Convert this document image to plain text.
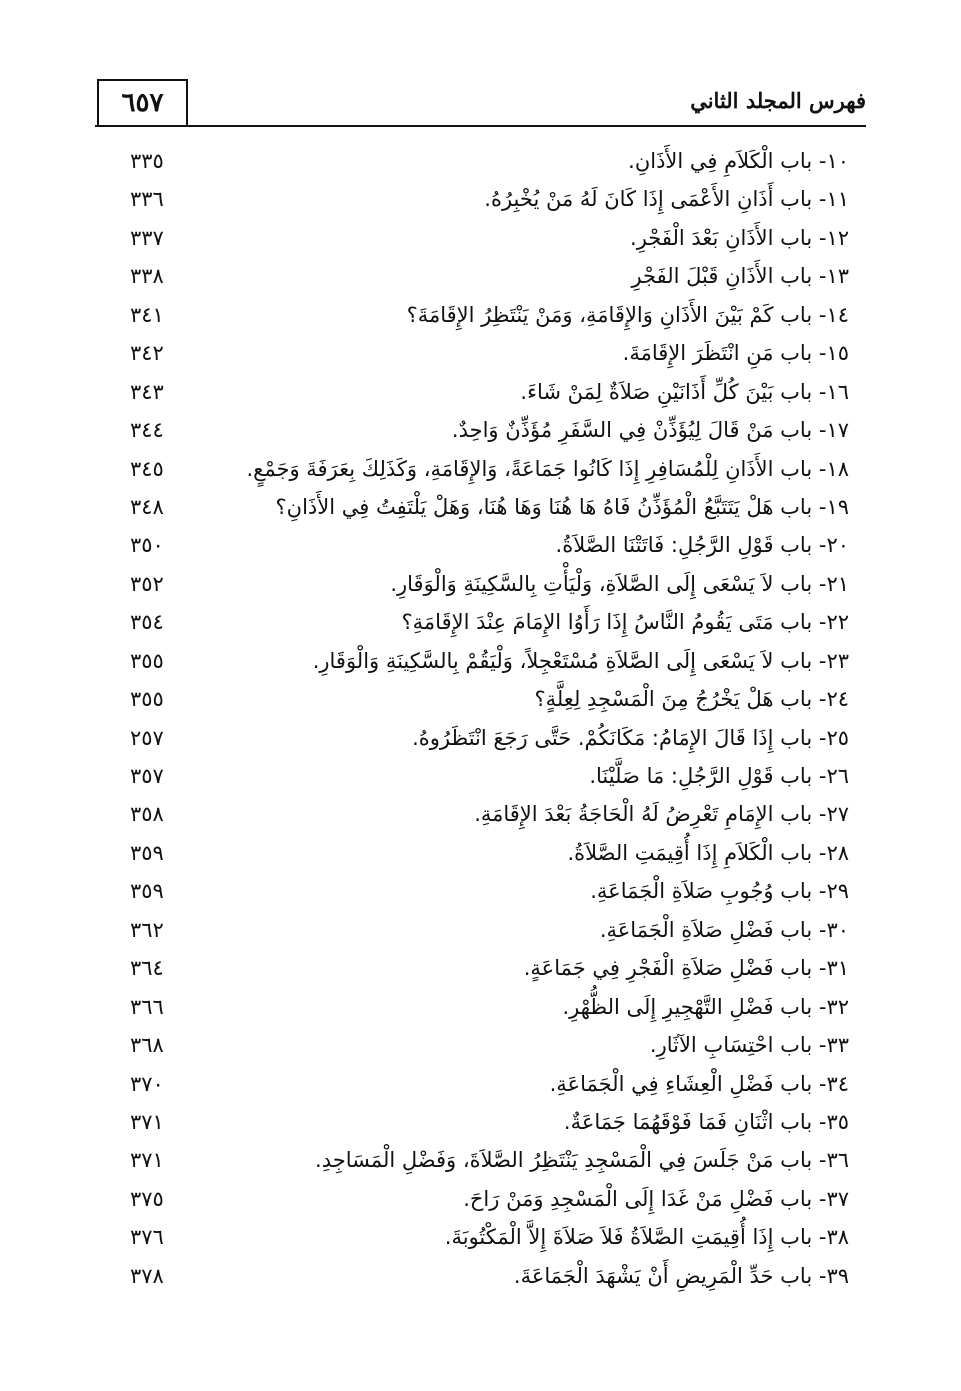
٦٥٧	فهرس المجلد الثاني
١٠- باب الْكَلاَمِ فِي الأَذَانِ.
٣٣٥
١١- باب أَذَانِ الأَعْمَى إِذَا كَانَ لَهُ مَنْ يُخْبِرُهُ.
٣٣٦
١٢- باب الأَذَانِ بَعْدَ الْفَجْرِ.
٣٣٧
١٣- باب الأَذَانِ قَبْلَ الفَجْرِ
٣٣٨
١٤- باب كَمْ بَيْنَ الأَذَانِ وَالإِقَامَةِ، وَمَنْ يَنْتَظِرُ الإِقَامَةَ؟
٣٤١
١٥- باب مَنِ انْتَظَرَ الإِقَامَةَ.
٣٤٢
١٦- باب بَيْنَ كُلِّ أَذَانَيْنِ صَلاَةٌ لِمَنْ شَاءَ.
٣٤٣
١٧- باب مَنْ قَالَ لِيُؤَذِّنْ فِي السَّفَرِ مُؤَذِّنٌ وَاحِدٌ.
٣٤٤
١٨- باب الأَذَانِ لِلْمُسَافِرِ إِذَا كَانُوا جَمَاعَةً، وَالإِقَامَةِ، وَكَذَلِكَ بِعَرَفَةَ وَجَمْعٍ.
٣٤٥
١٩- باب هَلْ يَتَتَبَّعُ الْمُؤَذِّنُ فَاهُ هَا هُنَا وَهَا هُنَا، وَهَلْ يَلْتَفِتُ فِي الأَذَانِ؟
٣٤٨
٢٠- باب قَوْلِ الرَّجُلِ: فَاتَتْنَا الصَّلاَةُ.
٣٥٠
٢١- باب لاَ يَسْعَى إِلَى الصَّلاَةِ، وَلْيَأْتِ بِالسَّكِينَةِ وَالْوَقَارِ.
٣٥٢
٢٢- باب مَتَى يَقُومُ النَّاسُ إِذَا رَأَوُا الإِمَامَ عِنْدَ الإِقَامَةِ؟
٣٥٤
٢٣- باب لاَ يَسْعَى إِلَى الصَّلاَةِ مُسْتَعْجِلاً، وَلْيَقُمْ بِالسَّكِينَةِ وَالْوَقَارِ.
٣٥٥
٢٤- باب هَلْ يَخْرُجُ مِنَ الْمَسْجِدِ لِعِلَّةٍ؟
٣٥٥
٢٥- باب إِذَا قَالَ الإِمَامُ: مَكَانَكُمْ. حَتَّى رَجَعَ انْتَظَرُوهُ.
٢٥٧
٢٦- باب قَوْلِ الرَّجُلِ: مَا صَلَّيْنَا.
٣٥٧
٢٧- باب الإِمَامِ تَعْرِضُ لَهُ الْحَاجَةُ بَعْدَ الإِقَامَةِ.
٣٥٨
٢٨- باب الْكَلاَمِ إِذَا أُقِيمَتِ الصَّلاَةُ.
٣٥٩
٢٩- باب وُجُوبِ صَلاَةِ الْجَمَاعَةِ.
٣٥٩
٣٠- باب فَضْلِ صَلاَةِ الْجَمَاعَةِ.
٣٦٢
٣١- باب فَضْلِ صَلاَةِ الْفَجْرِ فِي جَمَاعَةٍ.
٣٦٤
٣٢- باب فَضْلِ التَّهْجِيرِ إِلَى الظُّهْرِ.
٣٦٦
٣٣- باب احْتِسَابِ الآثَارِ.
٣٦٨
٣٤- باب فَضْلِ الْعِشَاءِ فِي الْجَمَاعَةِ.
٣٧٠
٣٥- باب اثْنَانِ فَمَا فَوْقَهُمَا جَمَاعَةٌ.
٣٧١
٣٦- باب مَنْ جَلَسَ فِي الْمَسْجِدِ يَنْتَظِرُ الصَّلاَةَ، وَفَضْلِ الْمَسَاجِدِ.
٣٧١
٣٧- باب فَضْلِ مَنْ غَدَا إِلَى الْمَسْجِدِ وَمَنْ رَاحَ.
٣٧٥
٣٨- باب إِذَا أُقِيمَتِ الصَّلاَةُ فَلاَ صَلاَةَ إِلاَّ الْمَكْتُوبَةَ.
٣٧٦
٣٩- باب حَدِّ الْمَرِيضِ أَنْ يَشْهَدَ الْجَمَاعَةَ.
٣٧٨
